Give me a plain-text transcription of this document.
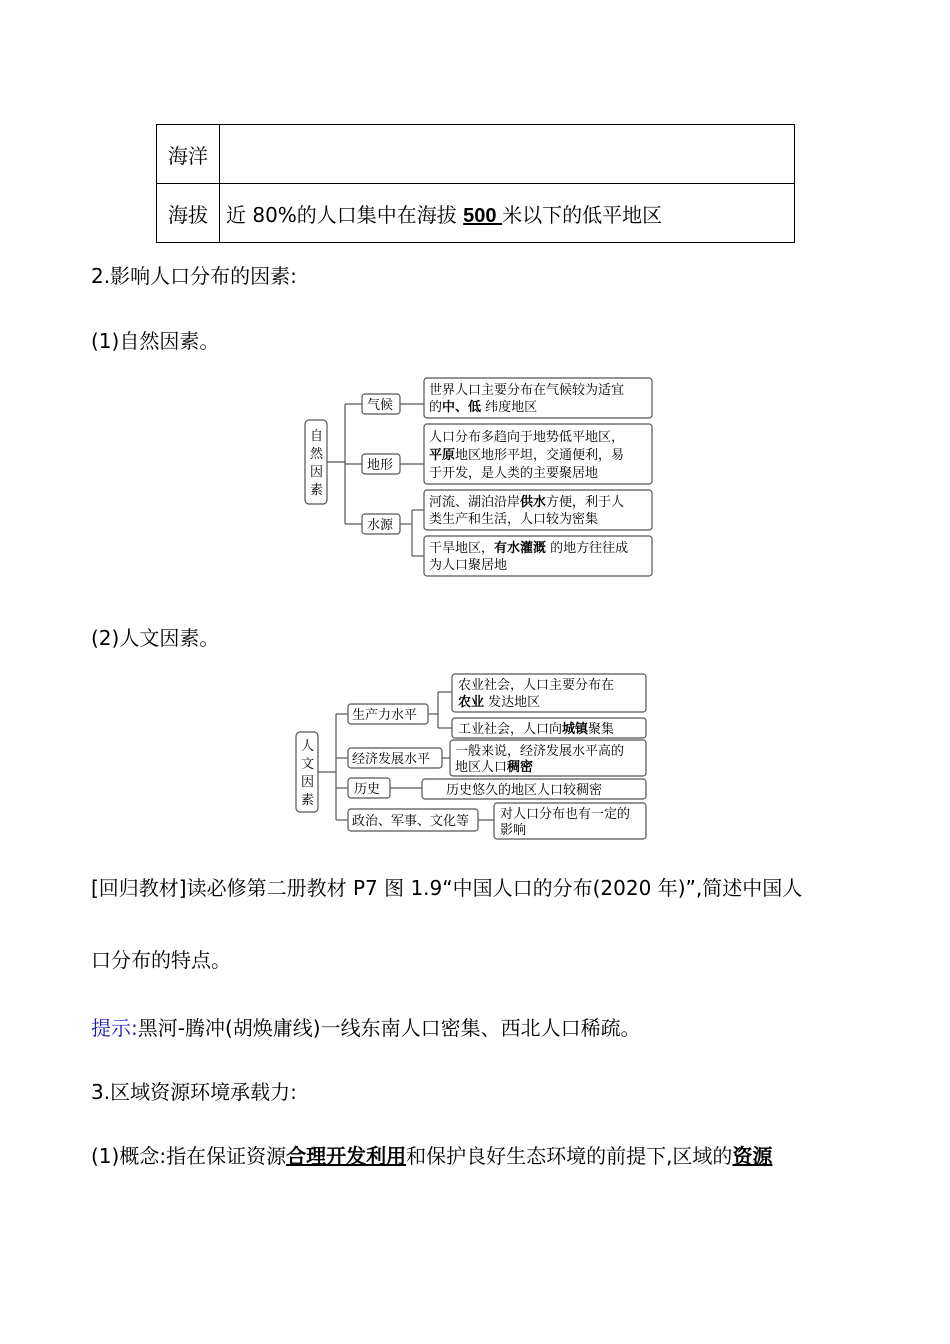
海洋	
海拔	近 80%的人口集中在海拔 500 米以下的低平地区
2.影响人口分布的因素:
(1)自然因素。
自
然
因
素
气候
世界人口主要分布在气候较为适宜
的中、低 纬度地区
地形
人口分布多趋向于地势低平地区，
平原地区地形平坦，交通便利，易
于开发，是人类的主要聚居地
水源
河流、湖泊沿岸供水方便，利于人
类生产和生活，人口较为密集
干旱地区，有水灌溉 的地方往往成
为人口聚居地
(2)人文因素。
人
文
因
素
生产力水平
农业社会，人口主要分布在
农业 发达地区
工业社会，人口向城镇聚集
经济发展水平
一般来说，经济发展水平高的
地区人口稠密
历史	历史悠久的地区人口较稠密
政治、军事、文化等 对人口分布也有一定的
影响
[回归教材]读必修第二册教材 P7 图 1.9“中国人口的分布(2020 年)”,简述中国人
口分布的特点。
提示:黑河-腾冲(胡焕庸线)一线东南人口密集、西北人口稀疏。
3.区域资源环境承载力:
(1)概念:指在保证资源合理开发利用和保护良好生态环境的前提下,区域的资源
